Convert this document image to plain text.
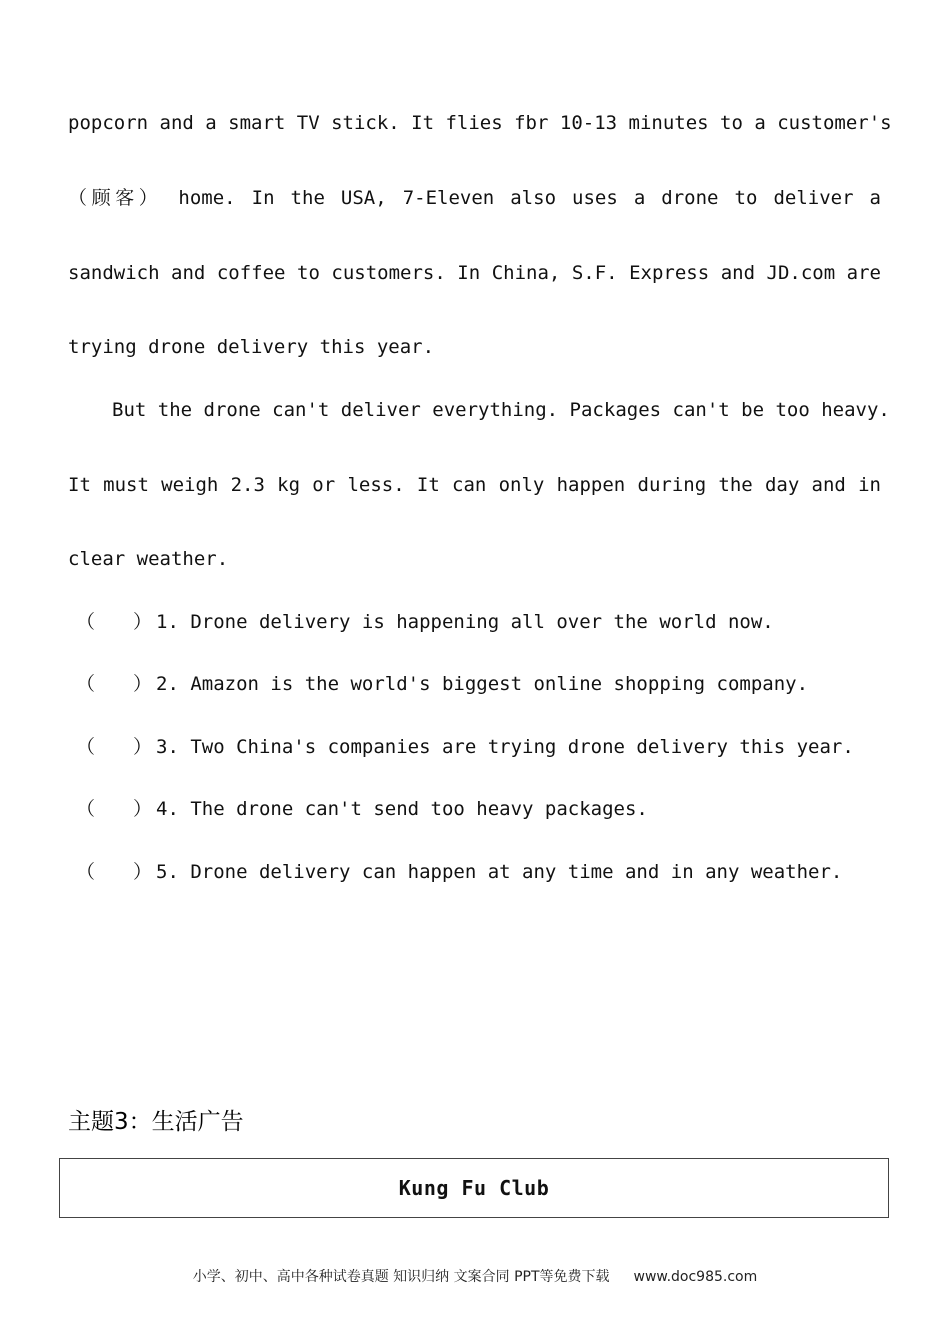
popcorn and a smart TV stick. It flies fbr 10-13 minutes to a customer's
（顾客） home. In the USA, 7-Eleven also uses a drone to deliver a
sandwich and coffee to customers. In China, S.F. Express and JD.com are
trying drone delivery this year.
But the drone can't deliver everything. Packages can't be too heavy.
It must weigh 2.3 kg or less. It can only happen during the day and in
clear weather.
（　　） 1. Drone delivery is happening all over the world now.
（　　） 2. Amazon is the world's biggest online shopping company.
（　　） 3. Two China's companies are trying drone delivery this year.
（　　） 4. The drone can't send too heavy packages.
（　　） 5. Drone delivery can happen at any time and in any weather.
主题3：生活广告
Kung Fu Club
小学、初中、高中各种试卷真题 知识归纳 文案合同 PPT等免费下载 www.doc985.com
